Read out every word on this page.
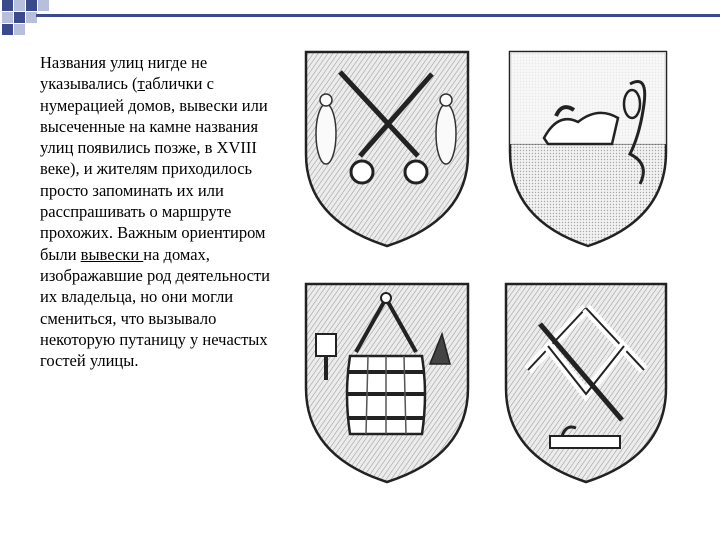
Названия улиц нигде не указывались (таблички с нумерацией домов, вывески или высеченные на камне названия улиц появились позже, в XVIII веке), и жителям приходилось просто запоминать их или расспрашивать о маршруте прохожих. Важным ориентиром были вывески на домах, изображавшие род деятельности их владельца, но они могли смениться, что вызывало некоторую путаницу у нечастых гостей улицы.
